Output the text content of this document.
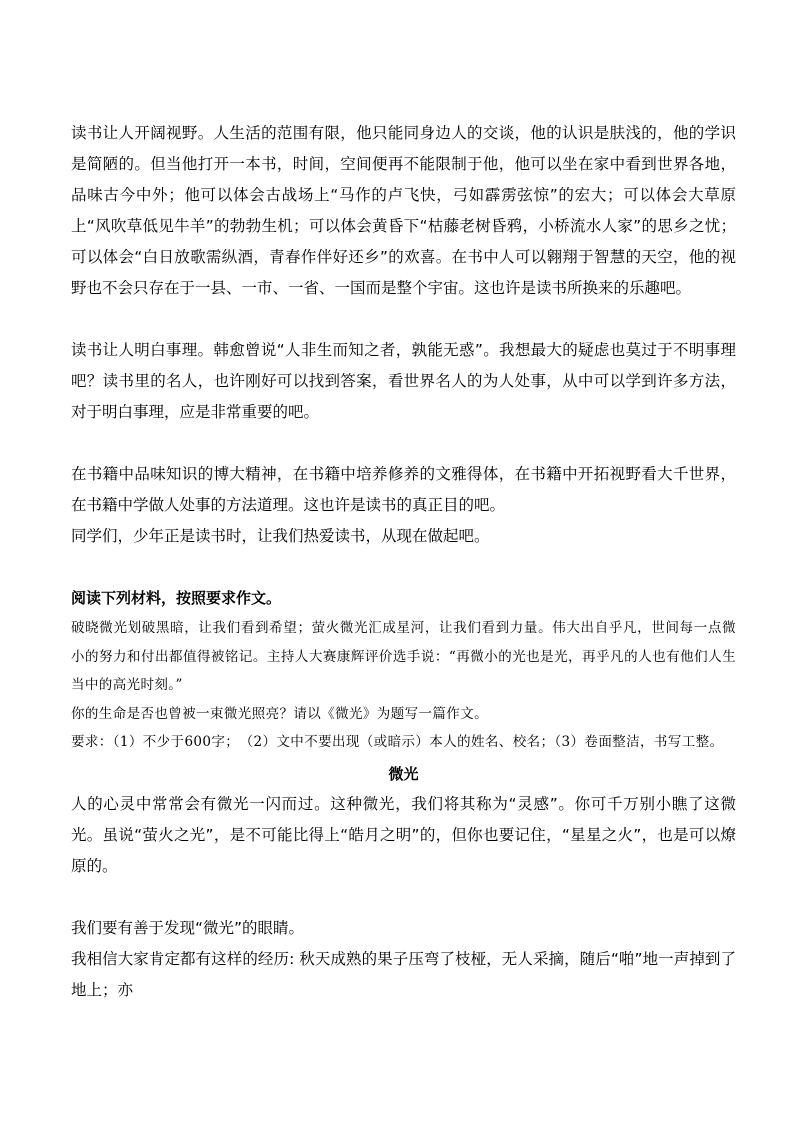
读书让人开阔视野。人生活的范围有限，他只能同身边人的交谈，他的认识是肤浅的，他的学识是简陋的。但当他打开一本书，时间，空间便再不能限制于他，他可以坐在家中看到世界各地，品味古今中外；他可以体会古战场上“马作的卢飞快，弓如霹雳弦惊”的宏大；可以体会大草原上“风吹草低见牛羊”的勃勃生机；可以体会黄昏下“枯藤老树昏鸦，小桥流水人家”的思乡之忧；可以体会“白日放歌需纵酒，青春作伴好还乡”的欢喜。在书中人可以翱翔于智慧的天空，他的视野也不会只存在于一县、一市、一省、一国而是整个宇宙。这也许是读书所换来的乐趣吧。

读书让人明白事理。韩愈曾说“人非生而知之者，孰能无惑”。我想最大的疑虑也莫过于不明事理吧？读书里的名人，也许刚好可以找到答案，看世界名人的为人处事，从中可以学到许多方法，对于明白事理，应是非常重要的吧。

在书籍中品味知识的博大精神，在书籍中培养修养的文雅得体，在书籍中开拓视野看大千世界，在书籍中学做人处事的方法道理。这也许是读书的真正目的吧。

同学们，少年正是读书时，让我们热爱读书，从现在做起吧。

阅读下列材料，按照要求作文。

破晓微光划破黑暗，让我们看到希望；萤火微光汇成星河，让我们看到力量。伟大出自乎凡，世间每一点微小的努力和付出都值得被铭记。主持人大赛康辉评价选手说：“再微小的光也是光，再乎凡的人也有他们人生当中的高光时刻。”

你的生命是否也曾被一束微光照亮？请以《微光》为题写一篇作文。

要求：（1）不少于600字；　（2）文中不要出现（或暗示）本人的姓名、校名；（3）卷面整洁，书写工整。

微光

人的心灵中常常会有微光一闪而过。这种微光，我们将其称为“灵感”。你可千万别小瞧了这微光。虽说“萤火之光”，是不可能比得上“皓月之明”的，但你也要记住，“星星之火”，也是可以燎原的。

我们要有善于发现“微光”的眼睛。

我相信大家肯定都有这样的经历: 秋天成熟的果子压弯了枝桠，无人采摘，随后“啪”地一声掉到了地上；亦
